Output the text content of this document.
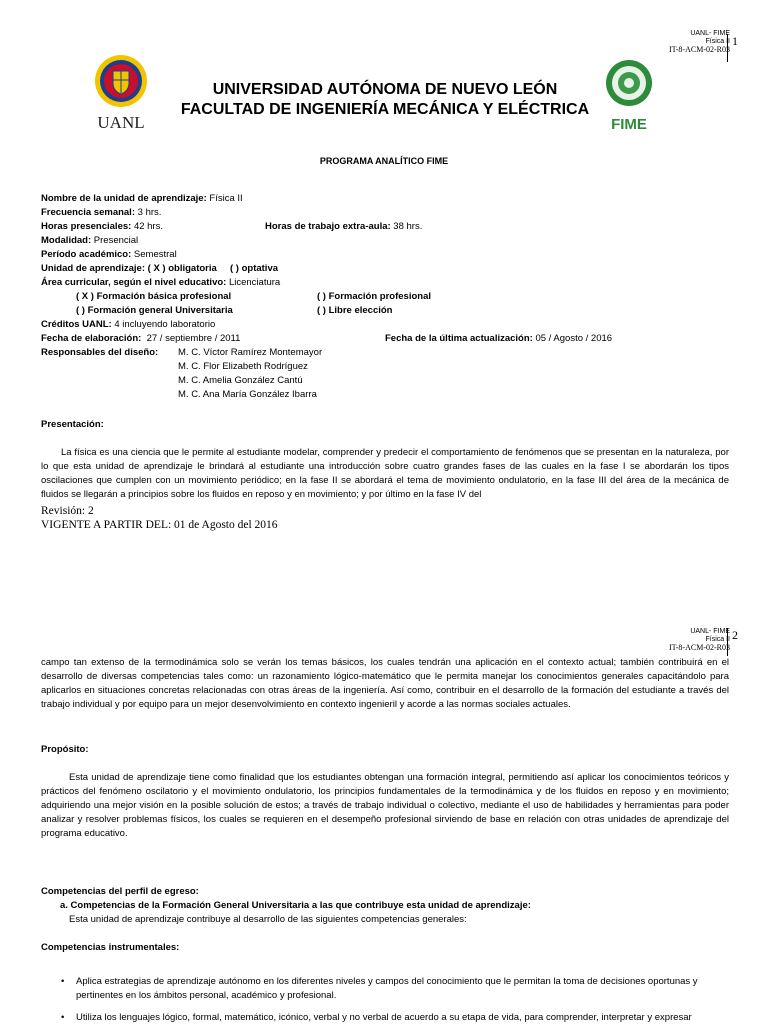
UANL- FIME
Física II
IT-8-ACM-02-R03
1
UANL
UNIVERSIDAD AUTÓNOMA DE NUEVO LEÓN
FACULTAD DE INGENIERÍA MECÁNICA Y ELÉCTRICA
FIME
PROGRAMA ANALÍTICO FIME
Nombre de la unidad de aprendizaje: Física II
Frecuencia semanal: 3 hrs.
Horas presenciales: 42 hrs.	Horas de trabajo extra-aula: 38 hrs.
Modalidad: Presencial
Período académico: Semestral
Unidad de aprendizaje: ( X ) obligatoria ( ) optativa
Área curricular, según el nivel educativo: Licenciatura
( X ) Formación básica profesional	( ) Formación profesional
( ) Formación general Universitaria	( ) Libre elección
Créditos UANL: 4 incluyendo laboratorio
Fecha de elaboración: 27 / septiembre / 2011	Fecha de la última actualización: 05 / Agosto / 2016
Responsables del diseño: M. C. Víctor Ramírez Montemayor
M. C. Flor Elizabeth Rodríguez
M. C. Amelia González Cantú
M. C. Ana María González Ibarra
Presentación:
La física es una ciencia que le permite al estudiante modelar, comprender y predecir el comportamiento de fenómenos que se presentan en la naturaleza, por lo que esta unidad de aprendizaje le brindará al estudiante una introducción sobre cuatro grandes fases de las cuales en la fase I se abordarán los tipos oscilaciones que cumplen con un movimiento periódico; en la fase II se abordará el tema de movimiento ondulatorio, en la fase III del área de la mecánica de fluidos se llegarán a principios sobre los fluidos en reposo y en movimiento; y por último en la fase IV del
Revisión: 2
VIGENTE A PARTIR DEL: 01 de Agosto del 2016
UANL- FIME
Física II
IT-8-ACM-02-R03
2
campo tan extenso de la termodinámica solo se verán los temas básicos, los cuales tendrán una aplicación en el contexto actual; también contribuirá en el desarrollo de diversas competencias tales como: un razonamiento lógico-matemático que le permita manejar los conocimientos generales capacitándolo para aplicarlos en situaciones concretas relacionadas con otras áreas de la ingeniería. Así como, contribuir en el desarrollo de la formación del estudiante a través del trabajo individual y por equipo para un mejor desenvolvimiento en contexto ingenieril y acorde a las normas sociales actuales.
Propósito:
Esta unidad de aprendizaje tiene como finalidad que los estudiantes obtengan una formación integral, permitiendo así aplicar los conocimientos teóricos y prácticos del fenómeno oscilatorio y el movimiento ondulatorio, los principios fundamentales de la termodinámica y de los fluidos en reposo y en movimiento; adquiriendo una mejor visión en la posible solución de estos; a través de trabajo individual o colectivo, mediante el uso de habilidades y herramientas para poder analizar y resolver problemas físicos, los cuales se requieren en el desempeño profesional sirviendo de base en relación con otras unidades de aprendizaje del programa educativo.
Competencias del perfil de egreso:
a. Competencias de la Formación General Universitaria a las que contribuye esta unidad de aprendizaje:
Esta unidad de aprendizaje contribuye al desarrollo de las siguientes competencias generales:
Competencias instrumentales:
• Aplica estrategias de aprendizaje autónomo en los diferentes niveles y campos del conocimiento que le permitan la toma de decisiones oportunas y pertinentes en los ámbitos personal, académico y profesional.
• Utiliza los lenguajes lógico, formal, matemático, icónico, verbal y no verbal de acuerdo a su etapa de vida, para comprender, interpretar y expresar
